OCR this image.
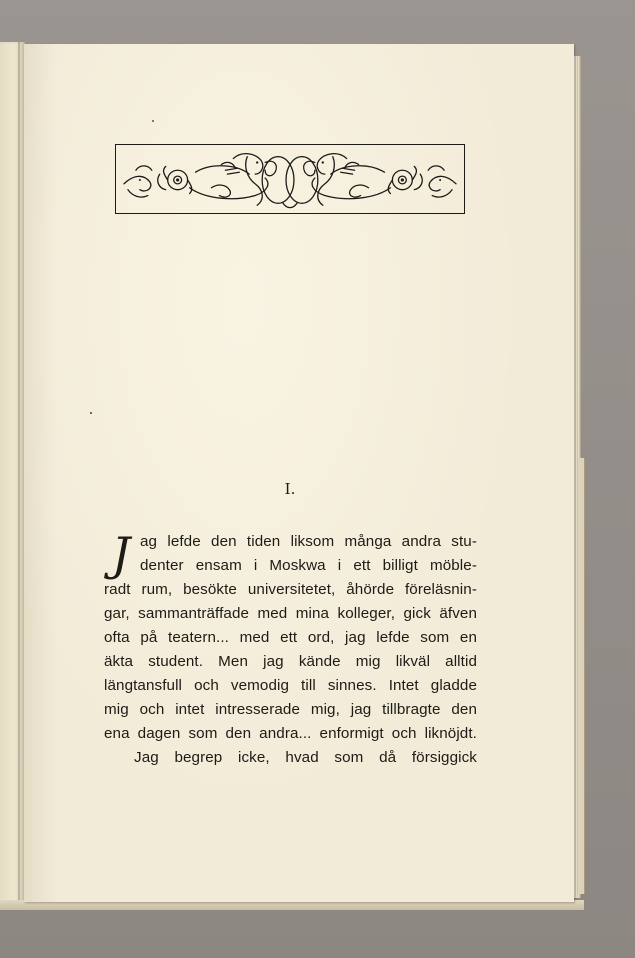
I.
J ag lefde den tiden liksom många andra stu-
denter ensam i Moskwa i ett billigt möble-
radt rum, besökte universitetet, åhörde föreläsnin-
gar, sammanträffade med mina kolleger, gick äfven
ofta på teatern... med ett ord, jag lefde som en
äkta student. Men jag kände mig likväl alltid
längtansfull och vemodig till sinnes. Intet gladde
mig och intet intresserade mig, jag tillbragte den
ena dagen som den andra... enformigt och liknöjdt.
Jag begrep icke, hvad som då försiggick
